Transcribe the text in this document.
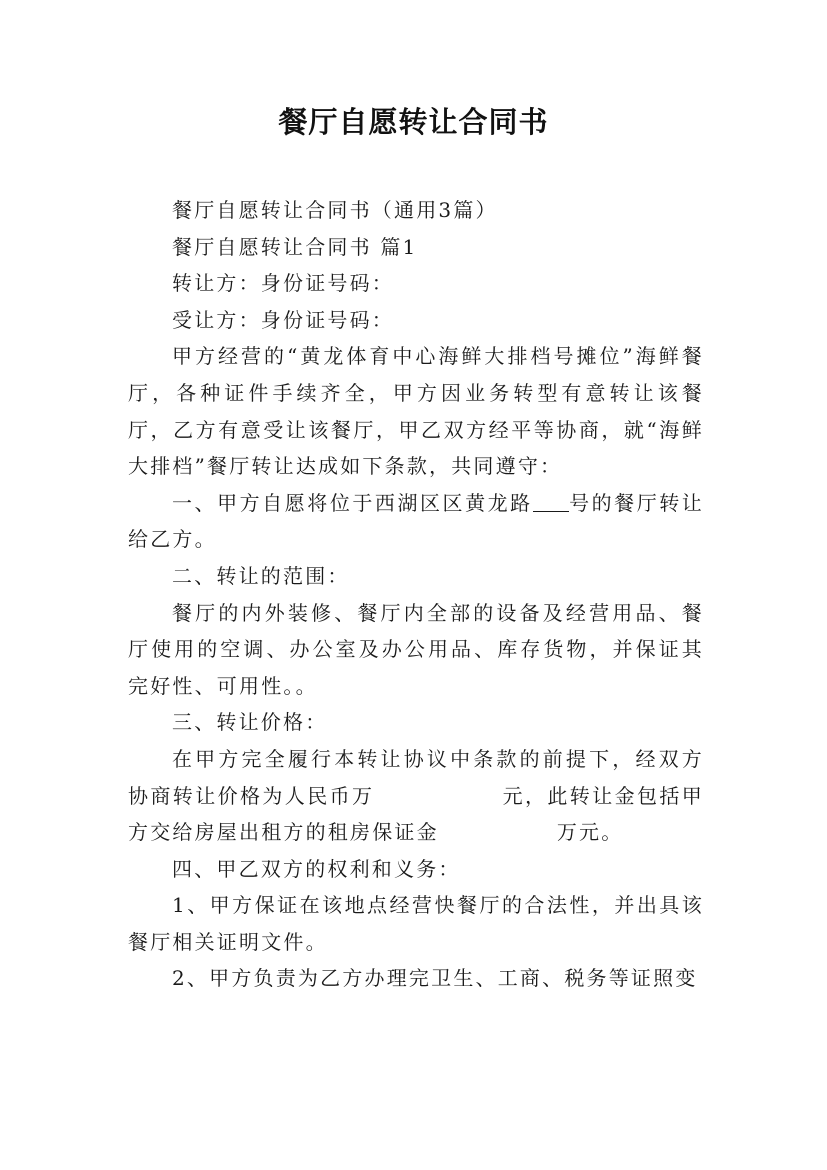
餐厅自愿转让合同书

餐厅自愿转让合同书（通用3篇）

餐厅自愿转让合同书 篇1

转让方：身份证号码：

受让方：身份证号码：

甲方经营的“黄龙体育中心海鲜大排档号摊位”海鲜餐厅，各种证件手续齐全，甲方因业务转型有意转让该餐厅，乙方有意受让该餐厅，甲乙双方经平等协商，就“海鲜大排档”餐厅转让达成如下条款，共同遵守：

一、甲方自愿将位于西湖区区黄龙路 号的餐厅转让给乙方。

二、转让的范围：

餐厅的内外装修、餐厅内全部的设备及经营用品、餐厅使用的空调、办公室及办公用品、库存货物，并保证其完好性、可用性。。

三、转让价格：

在甲方完全履行本转让协议中条款的前提下，经双方协商转让价格为人民币万	元，此转让金包括甲方交给房屋出租方的租房保证金	万元。

四、甲乙双方的权利和义务：

1、甲方保证在该地点经营快餐厅的合法性，并出具该餐厅相关证明文件。

2、甲方负责为乙方办理完卫生、工商、税务等证照变
